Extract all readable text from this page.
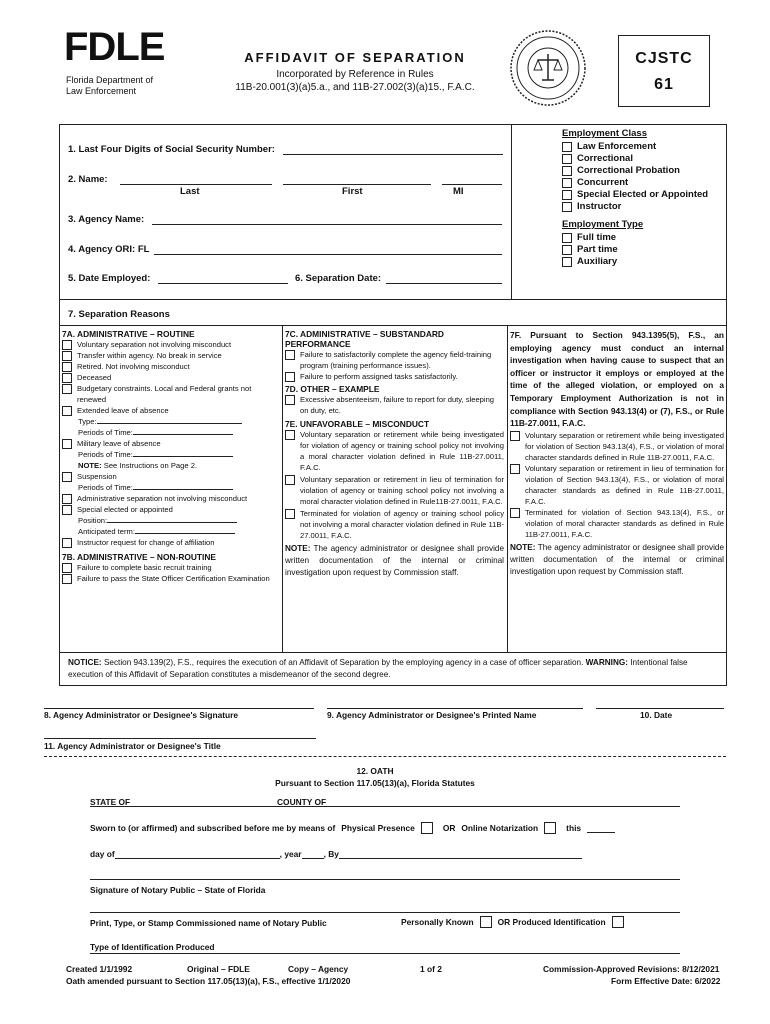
FDLE
Florida Department of
Law Enforcement
AFFIDAVIT OF SEPARATION
Incorporated by Reference in Rules
11B-20.001(3)(a)5.a., and 11B-27.002(3)(a)15., F.A.C.
CJSTC
61
1. Last Four Digits of Social Security Number:
2. Name:
Last	First	MI
3. Agency Name:
4. Agency ORI: FL
5. Date Employed:	6. Separation Date:
Employment Class
Law Enforcement
Correctional
Correctional Probation
Concurrent
Special Elected or Appointed
Instructor
Employment Type
Full time
Part time
Auxiliary
7. Separation Reasons
7A. ADMINISTRATIVE – ROUTINE
Voluntary separation not involving misconduct
Transfer within agency. No break in service
Retired. Not involving misconduct
Deceased
Budgetary constraints. Local and Federal grants not renewed
Extended leave of absence
Type:
Periods of Time:
Military leave of absence
Periods of Time:
NOTE: See Instructions on Page 2.
Suspension
Periods of Time:
Administrative separation not involving misconduct
Special elected or appointed
Position:
Anticipated term:
Instructor request for change of affiliation
7B. ADMINISTRATIVE – NON-ROUTINE
Failure to complete basic recruit training
Failure to pass the State Officer Certification Examination
7C. ADMINISTRATIVE – SUBSTANDARD PERFORMANCE
Failure to satisfactorily complete the agency field-training program (training performance issues).
Failure to perform assigned tasks satisfactorily.
7D. OTHER – EXAMPLE
Excessive absenteeism, failure to report for duty, sleeping on duty, etc.
7E. UNFAVORABLE – MISCONDUCT
Voluntary separation or retirement while being investigated for violation of agency or training school policy not involving a moral character violation defined in Rule 11B-27.0011, F.A.C.
Voluntary separation or retirement in lieu of termination for violation of agency or training school policy not involving a moral character violation defined in Rule11B-27.0011, F.A.C.
Terminated for violation of agency or training school policy not involving a moral character violation defined in Rule 11B-27.0011, F.A.C.
NOTE: The agency administrator or designee shall provide written documentation of the internal or criminal investigation upon request by Commission staff.
7F. Pursuant to Section 943.1395(5), F.S., an employing agency must conduct an internal investigation when having cause to suspect that an officer or instructor it employs or employed at the time of the alleged violation, or employed on a Temporary Employment Authorization is not in compliance with Section 943.13(4) or (7), F.S., or Rule 11B-27.0011, F.A.C.
Voluntary separation or retirement while being investigated for violation of Section 943.13(4), F.S., or violation of moral character standards defined in Rule 11B-27.0011, F.A.C.
Voluntary separation or retirement in lieu of termination for violation of Section 943.13(4), F.S., or violation of moral character standards as defined in Rule 11B-27.0011, F.A.C.
Terminated for violation of Section 943.13(4), F.S., or violation of moral character standards as defined in Rule 11B-27.0011, F.A.C.
NOTE: The agency administrator or designee shall provide written documentation of the internal or criminal investigation upon request by Commission staff.
NOTICE: Section 943.139(2), F.S., requires the execution of an Affidavit of Separation by the employing agency in a case of officer separation. WARNING: Intentional false execution of this Affidavit of Separation constitutes a misdemeanor of the second degree.
8. Agency Administrator or Designee's Signature	9. Agency Administrator or Designee's Printed Name	10. Date
11. Agency Administrator or Designee's Title
12. OATH
Pursuant to Section 117.05(13)(a), Florida Statutes
STATE OF	COUNTY OF
Sworn to (or affirmed) and subscribed before me by means of Physical Presence	OR Online Notarization	this
day of	, year	, By
Signature of Notary Public – State of Florida
Print, Type, or Stamp Commissioned name of Notary Public	Personally Known	OR Produced Identification
Type of Identification Produced
Created 1/1/1992	Original – FDLE	Copy – Agency	1 of 2	Commission-Approved Revisions: 8/12/2021
Oath amended pursuant to Section 117.05(13)(a), F.S., effective 1/1/2020	Form Effective Date: 6/2022
